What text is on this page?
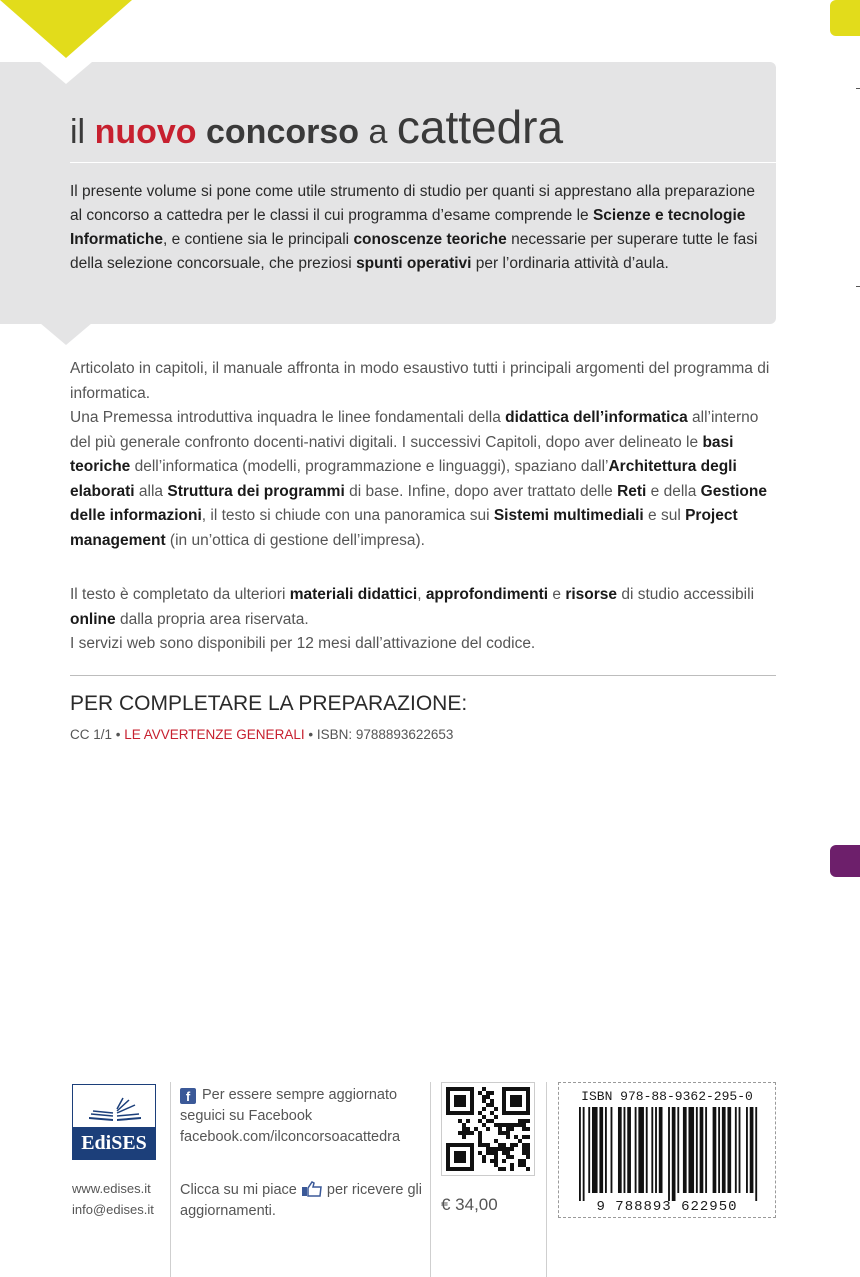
il nuovo concorso a cattedra
Il presente volume si pone come utile strumento di studio per quanti si apprestano alla preparazione al concorso a cattedra per le classi il cui programma d’esame comprende le Scienze e tecnologie Informatiche, e contiene sia le principali conoscenze teoriche necessarie per superare tutte le fasi della selezione concorsuale, che preziosi spunti operativi per l’ordinaria attività d’aula.
Articolato in capitoli, il manuale affronta in modo esaustivo tutti i principali argomenti del programma di informatica.
Una Premessa introduttiva inquadra le linee fondamentali della didattica dell’informatica all’interno del più generale confronto docenti-nativi digitali. I successivi Capitoli, dopo aver delineato le basi teoriche dell’informatica (modelli, programmazione e linguaggi), spaziano dall’Architettura degli elaborati alla Struttura dei programmi di base. Infine, dopo aver trattato delle Reti e della Gestione delle informazioni, il testo si chiude con una panoramica sui Sistemi multimediali e sul Project management (in un’ottica di gestione dell’impresa).
Il testo è completato da ulteriori materiali didattici, approfondimenti e risorse di studio accessibili online dalla propria area riservata.
I servizi web sono disponibili per 12 mesi dall’attivazione del codice.
PER COMPLETARE LA PREPARAZIONE:
CC 1/1 • LE AVVERTENZE GENERALI • ISBN: 9788893622653
EdiSES
www.edises.it
info@edises.it
f Per essere sempre aggiornato
seguici su Facebook
facebook.com/ilconcorsoacattedra
Clicca su mi piace  per ricevere gli aggiornamenti.	€ 34,00
ISBN 978-88-9362-295-0
9 788893 622950
